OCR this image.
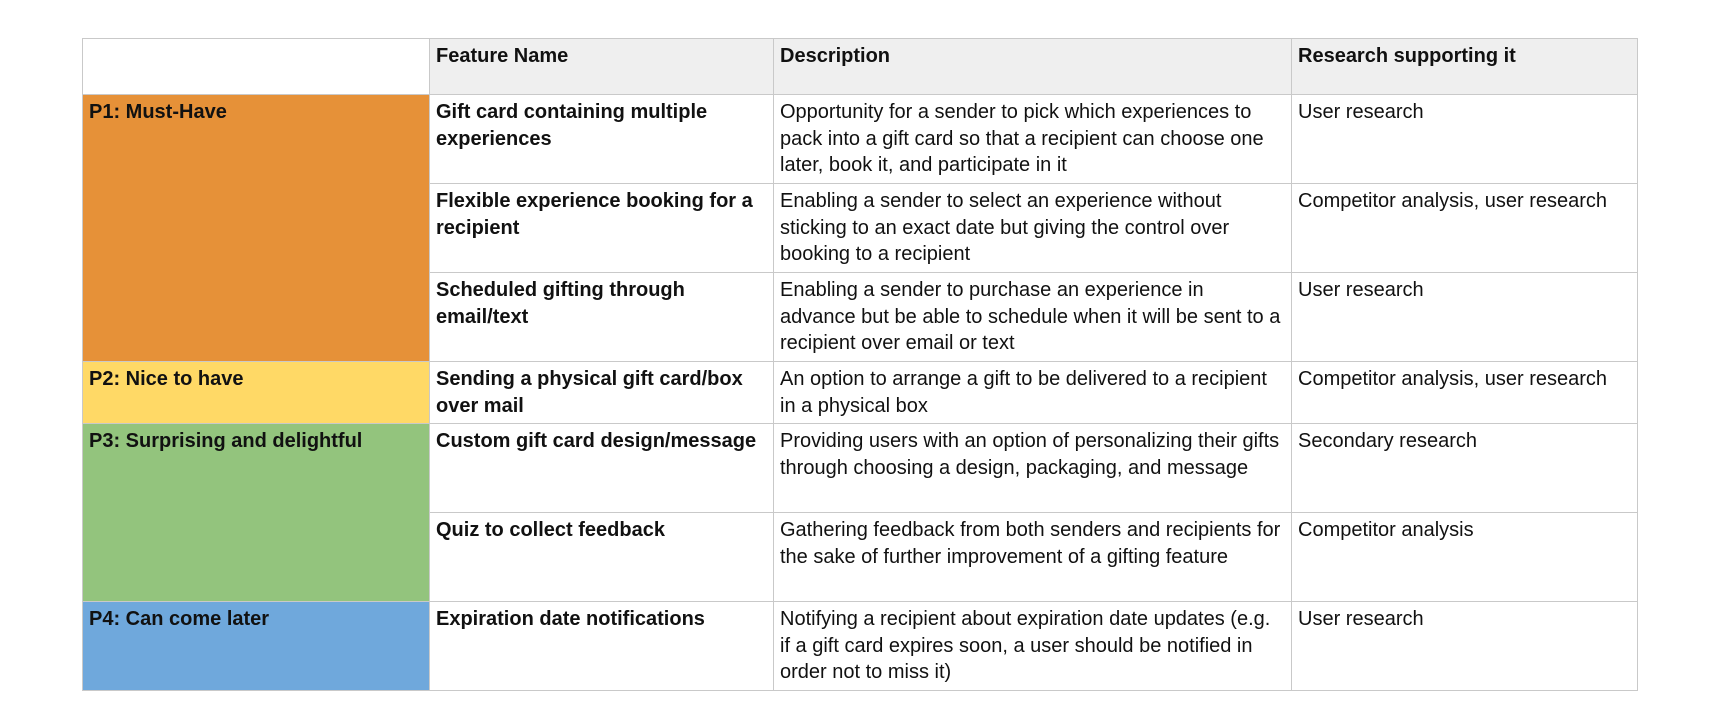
	Feature Name	Description	Research supporting it
P1: Must-Have	Gift card containing multiple experiences	Opportunity for a sender to pick which experiences to pack into a gift card so that a recipient can choose one later, book it, and participate in it	User research
	Flexible experience booking for a recipient	Enabling a sender to select an experience without sticking to an exact date but giving the control over booking to a recipient	Competitor analysis, user research
	Scheduled gifting through email/text	Enabling a sender to purchase an experience in advance but be able to schedule when it will be sent to a recipient over email or text	User research
P2: Nice to have	Sending a physical gift card/box over mail	An option to arrange a gift to be delivered to a recipient in a physical box	Competitor analysis, user research
P3: Surprising and delightful	Custom gift card design/message	Providing users with an option of personalizing their gifts through choosing a design, packaging, and message	Secondary research
	Quiz to collect feedback	Gathering feedback from both senders and recipients for the sake of further improvement of a gifting feature	Competitor analysis
P4: Can come later	Expiration date notifications	Notifying a recipient about expiration date updates (e.g. if a gift card expires soon, a user should be notified in order not to miss it)	User research
